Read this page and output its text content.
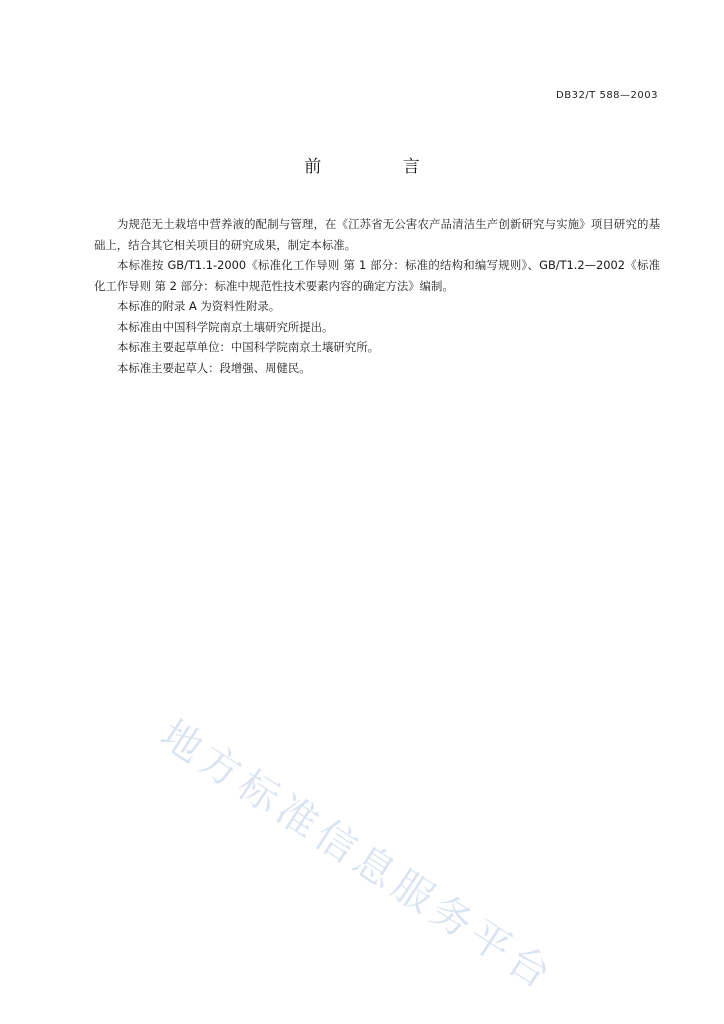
DB32/T 588—2003
前 言

为规范无土栽培中营养液的配制与管理，在《江苏省无公害农产品清洁生产创新研究与实施》项目研究的基础上，结合其它相关项目的研究成果，制定本标准。

本标准按 GB/T1.1-2000《标准化工作导则 第 1 部分：标准的结构和编写规则》、GB/T1.2—2002《标准化工作导则 第 2 部分：标准中规范性技术要素内容的确定方法》编制。

本标准的附录 A 为资料性附录。

本标准由中国科学院南京土壤研究所提出。

本标准主要起草单位：中国科学院南京土壤研究所。

本标准主要起草人：段增强、周健民。

地方标准信息服务平台
